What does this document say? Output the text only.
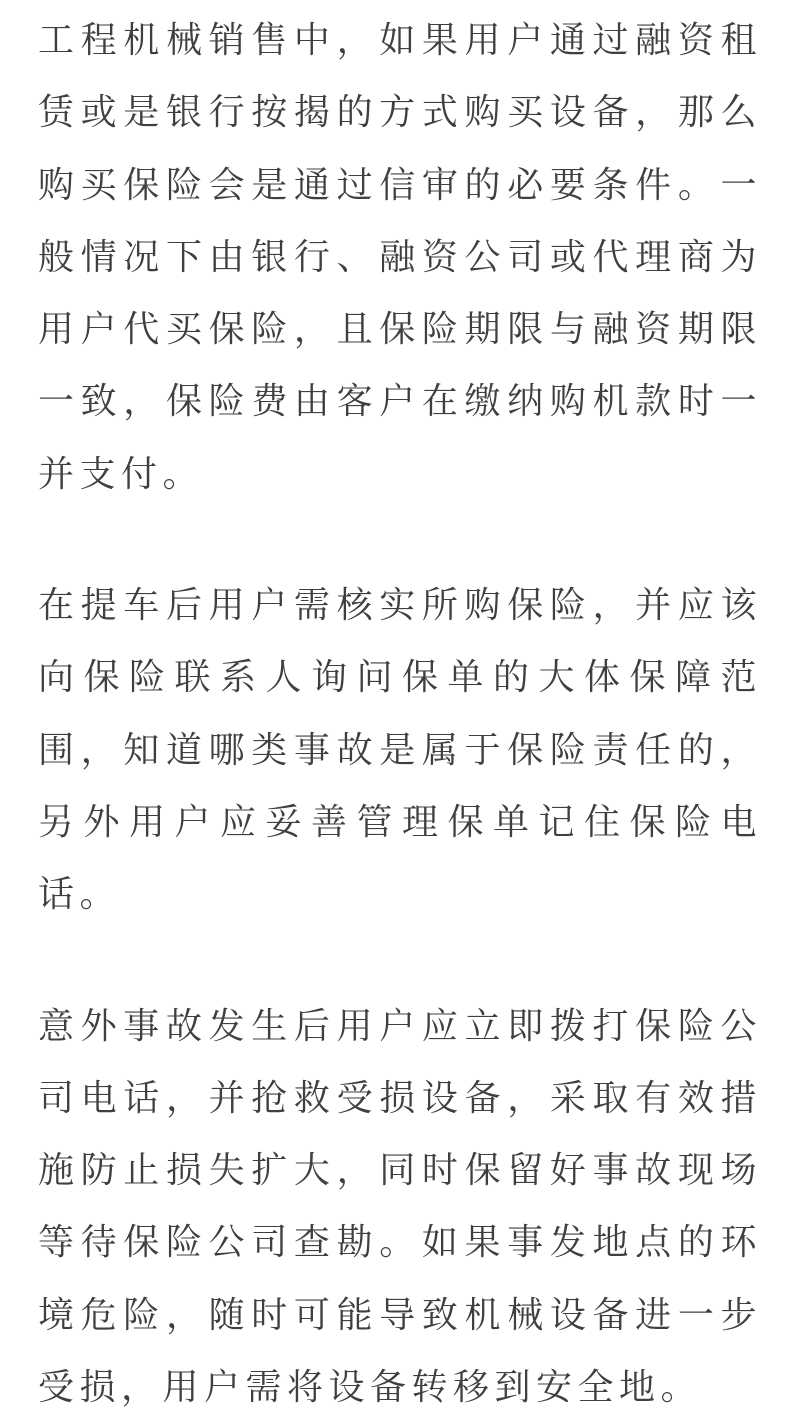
工程机械销售中，如果用户通过融资租赁或是银行按揭的方式购买设备，那么购买保险会是通过信审的必要条件。一般情况下由银行、融资公司或代理商为用户代买保险，且保险期限与融资期限一致，保险费由客户在缴纳购机款时一并支付。

在提车后用户需核实所购保险，并应该向保险联系人询问保单的大体保障范围，知道哪类事故是属于保险责任的，另外用户应妥善管理保单记住保险电话。

意外事故发生后用户应立即拨打保险公司电话，并抢救受损设备，采取有效措施防止损失扩大，同时保留好事故现场等待保险公司查勘。如果事发地点的环境危险，随时可能导致机械设备进一步受损，用户需将设备转移到安全地。
